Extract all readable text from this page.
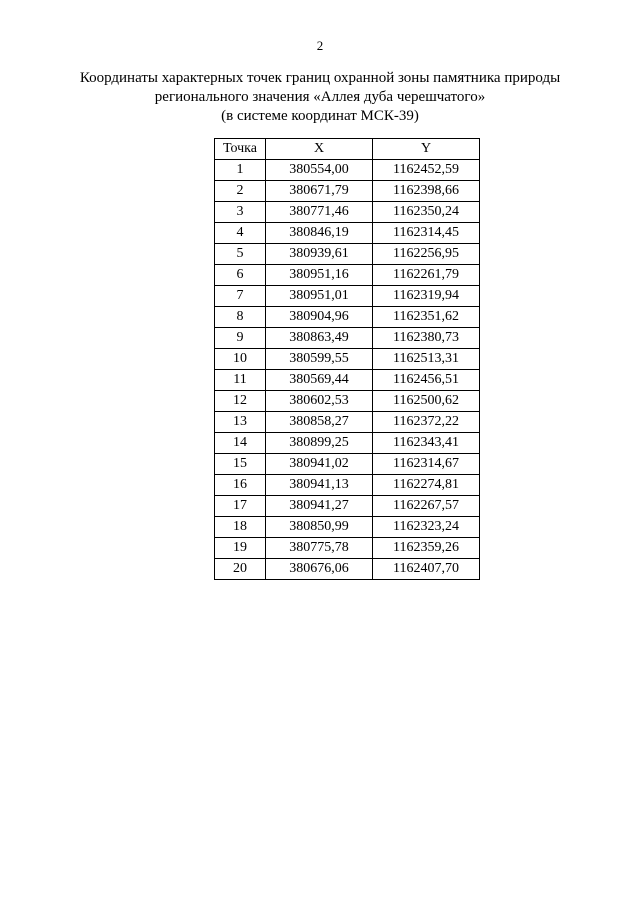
2
Координаты характерных точек границ охранной зоны памятника природы
регионального значения «Аллея дуба черешчатого»
(в системе координат МСК-39)
Точка	X	Y
1	380554,00	1162452,59
2	380671,79	1162398,66
3	380771,46	1162350,24
4	380846,19	1162314,45
5	380939,61	1162256,95
6	380951,16	1162261,79
7	380951,01	1162319,94
8	380904,96	1162351,62
9	380863,49	1162380,73
10	380599,55	1162513,31
11	380569,44	1162456,51
12	380602,53	1162500,62
13	380858,27	1162372,22
14	380899,25	1162343,41
15	380941,02	1162314,67
16	380941,13	1162274,81
17	380941,27	1162267,57
18	380850,99	1162323,24
19	380775,78	1162359,26
20	380676,06	1162407,70
